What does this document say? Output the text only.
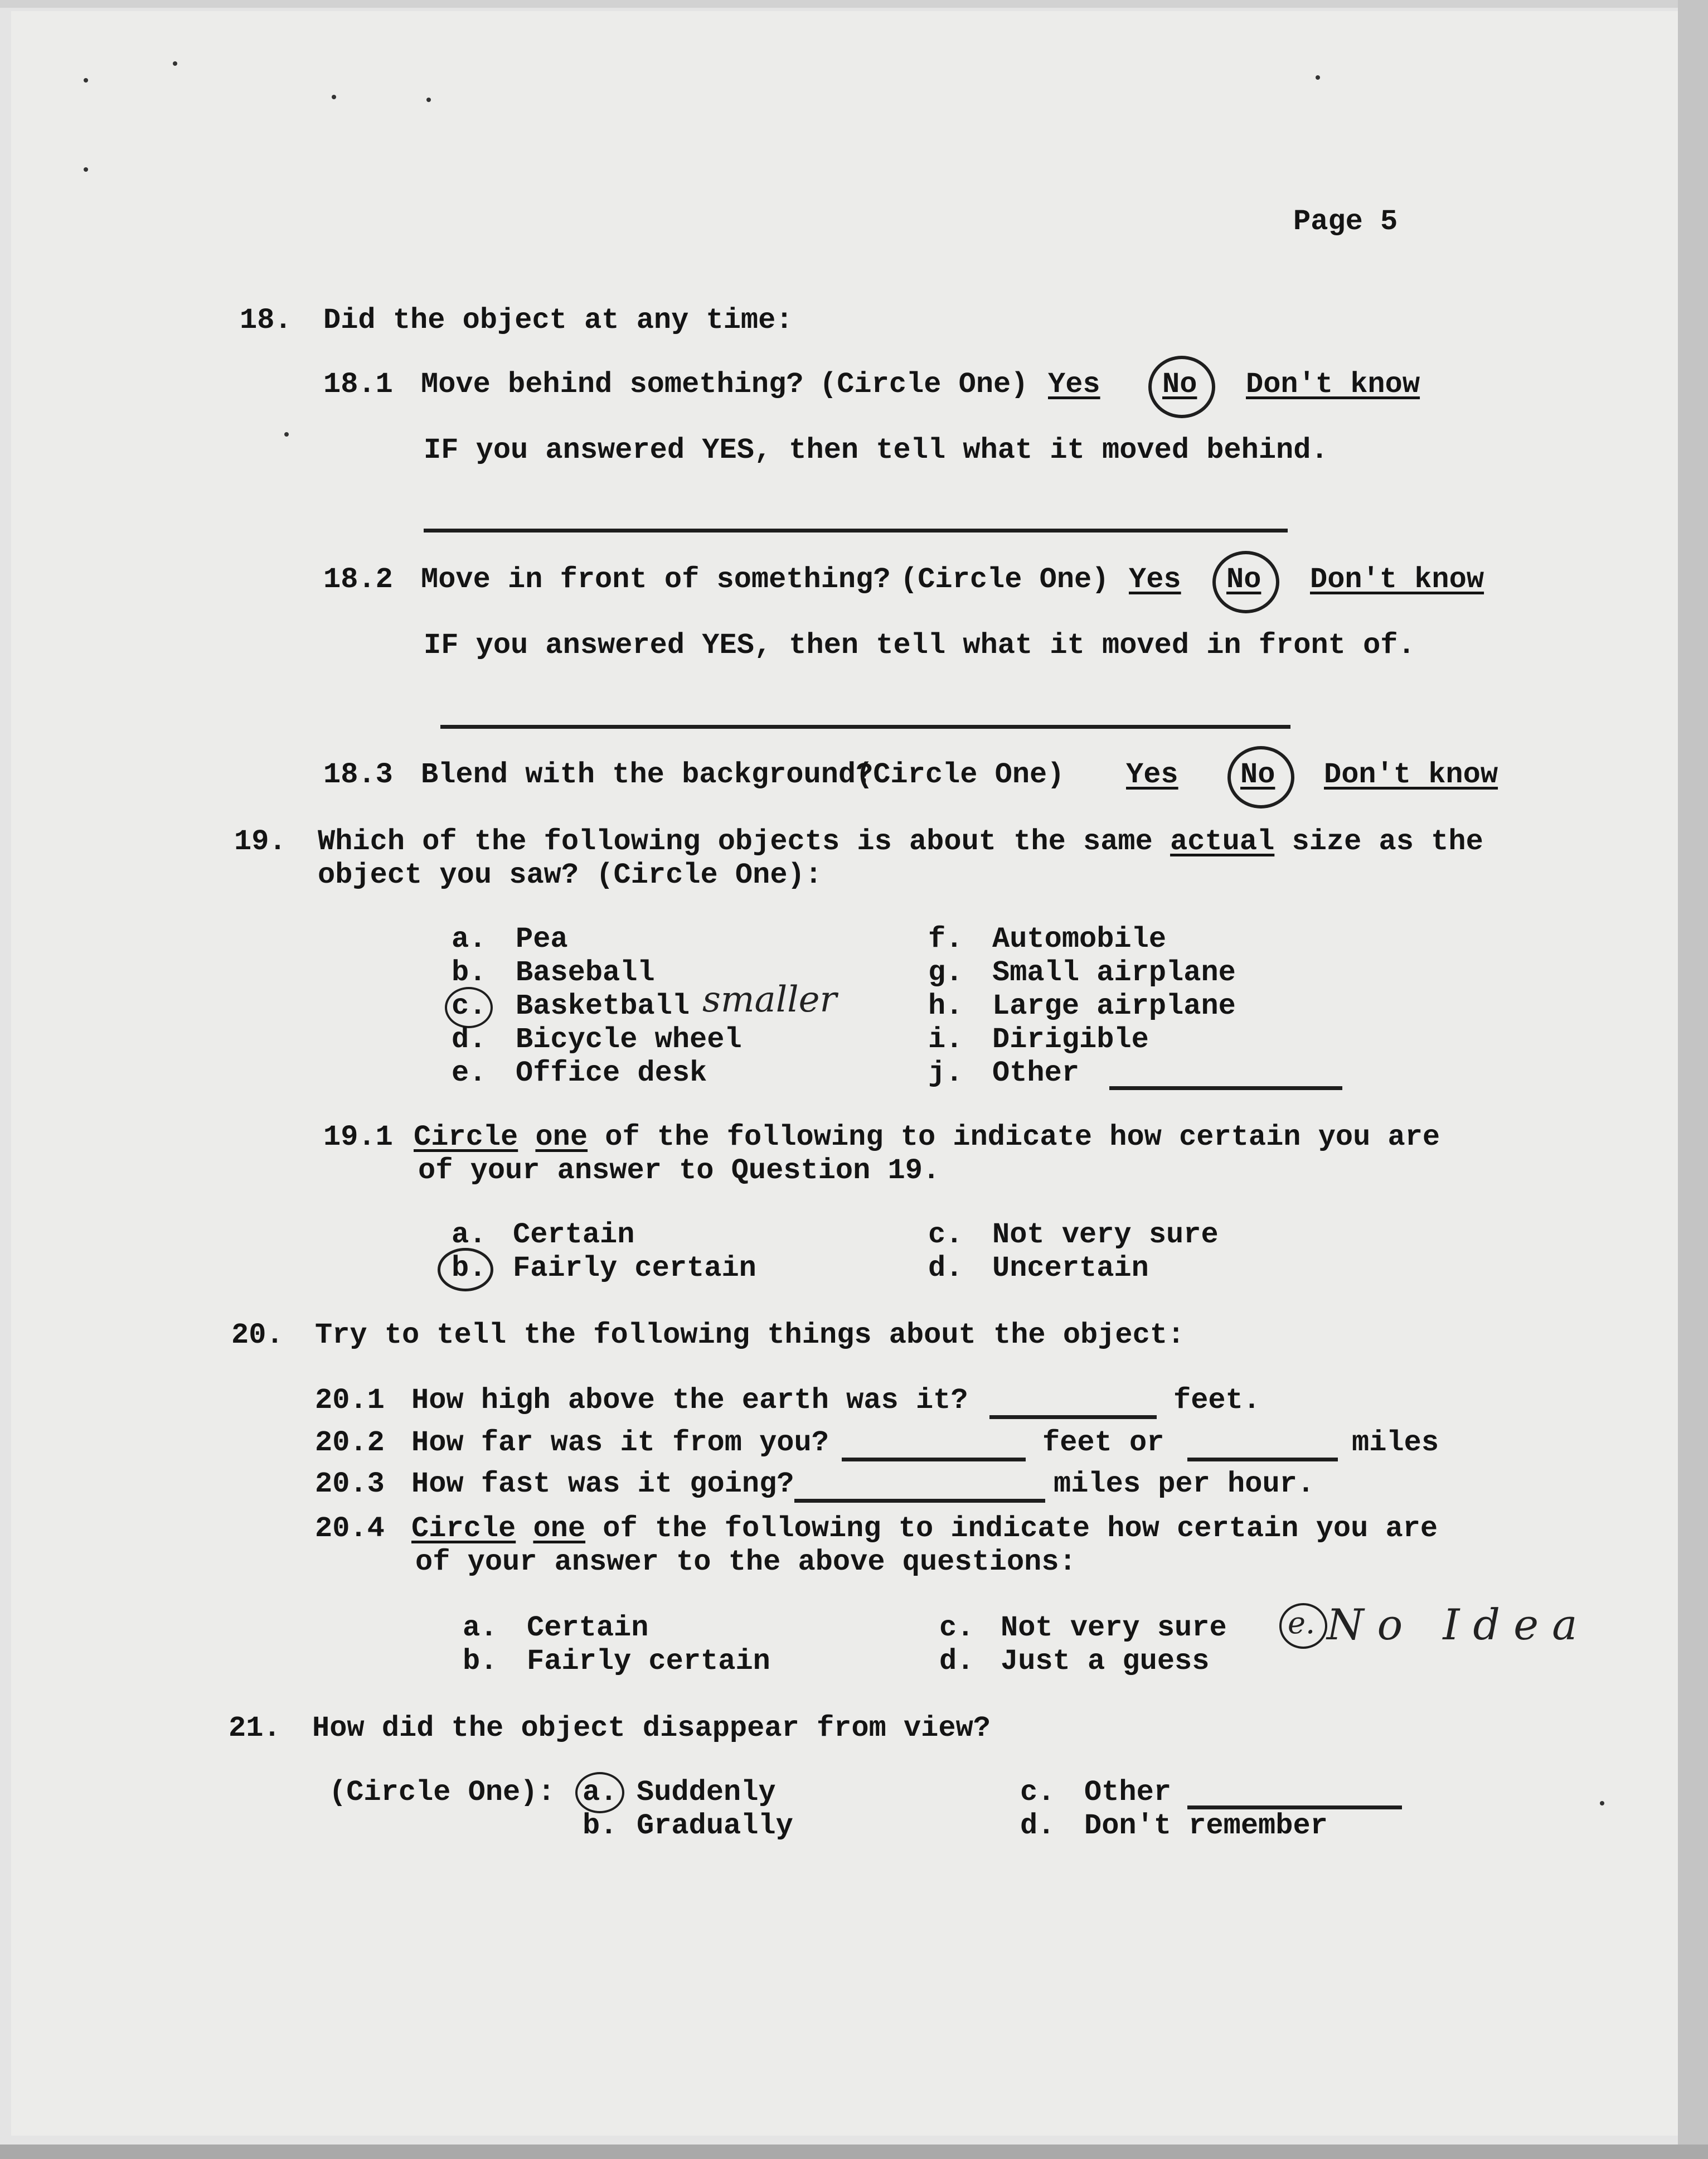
Page 5
18. Did the object at any time:
18.1 Move behind something? (Circle One) Yes No Don't know
IF you answered YES, then tell what it moved behind.
18.2 Move in front of something? (Circle One) Yes No Don't know
IF you answered YES, then tell what it moved in front of.
18.3 Blend with the background?
(Circle One) Yes No Don't know
19. Which of the following objects is about the same actual size as the
object you saw? (Circle One):
a. Pea
b. Baseball
c. Basketball smaller
d. Bicycle wheel
e. Office desk
f. Automobile
g. Small airplane
h. Large airplane
i. Dirigible
j. Other
19.1 Circle one of the following to indicate how certain you are
of your answer to Question 19.
a. Certain
b. Fairly certain
c. Not very sure
d. Uncertain
20. Try to tell the following things about the object:
20.1 How high above the earth was it?	feet.
20.2 How far was it from you?	feet or	miles
20.3 How fast was it going?	miles per hour.
20.4 Circle one of the following to indicate how certain you are
of your answer to the above questions:
a. Certain
b. Fairly certain
c. Not very sure
d. Just a guess
e. No Idea
21. How did the object disappear from view?
(Circle One): a. Suddenly
b. Gradually
c. Other
d. Don't remember
